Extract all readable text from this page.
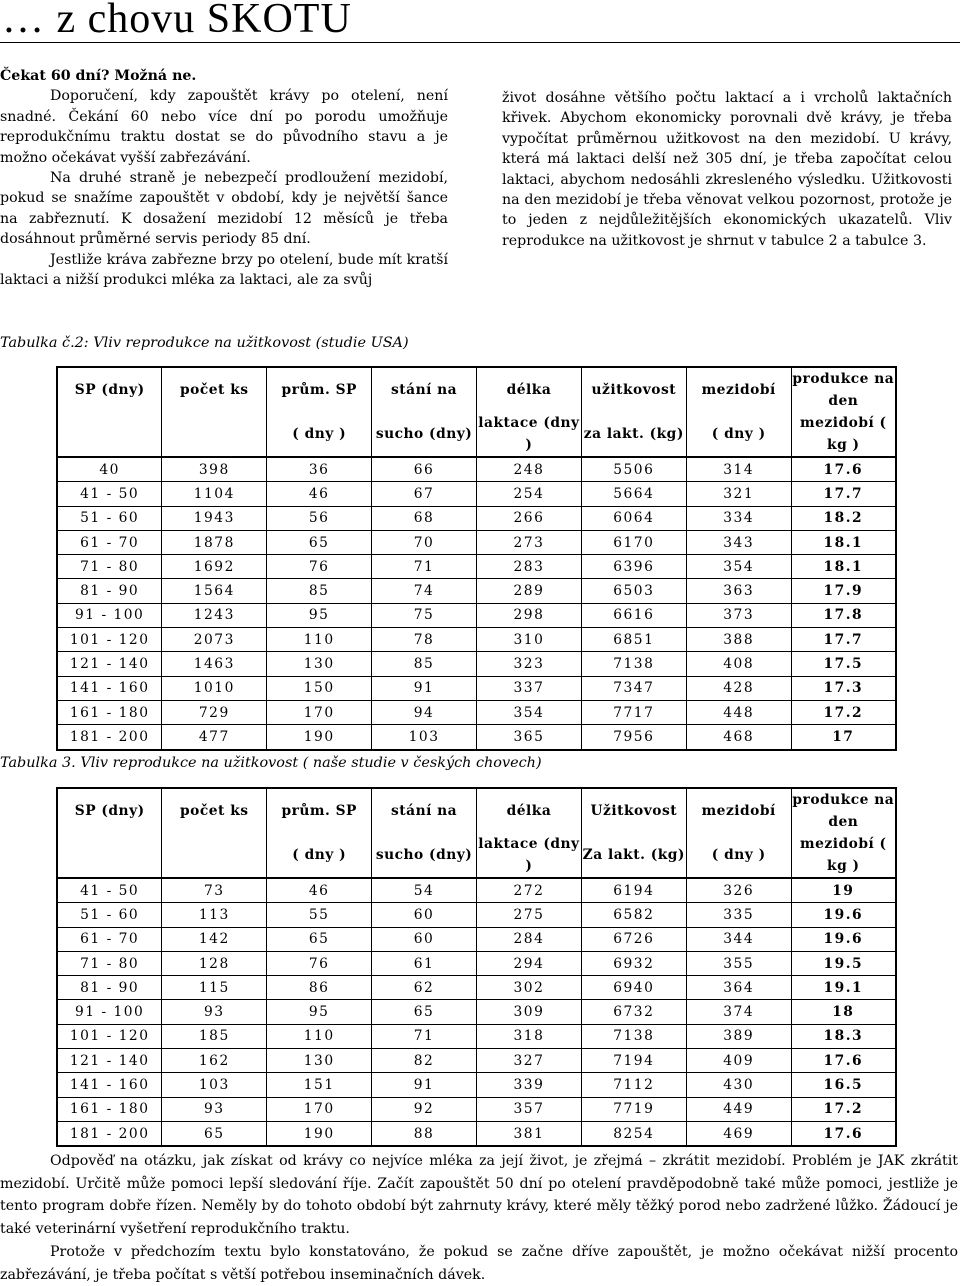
… z chovu SKOTU

Čekat 60 dní? Možná ne.

Doporučení, kdy zapouštět krávy po otelení, není snadné. Čekání 60 nebo více dní po porodu umožňuje reprodukčnímu traktu dostat se do původního stavu a je možno očekávat vyšší zabřezávání.

Na druhé straně je nebezpečí prodloužení mezidobí, pokud se snažíme zapouštět v období, kdy je největší šance na zabřeznutí. K dosažení mezidobí 12 měsíců je třeba dosáhnout průměrné servis periody 85 dní.

Jestliže kráva zabřezne brzy po otelení, bude mít kratší laktaci a nižší produkci mléka za laktaci, ale za svůj

život dosáhne většího počtu laktací a i vrcholů laktačních křivek. Abychom ekonomicky porovnali dvě krávy, je třeba vypočítat průměrnou užitkovost na den mezidobí. U krávy, která má laktaci delší než 305 dní, je třeba započítat celou laktaci, abychom nedosáhli zkresleného výsledku. Užitkovosti na den mezidobí je třeba věnovat velkou pozornost, protože je to jeden z nejdůležitějších ekonomických ukazatelů. Vliv reprodukce na užitkovost je shrnut v tabulce 2 a tabulce 3.

Tabulka č.2: Vliv reprodukce na užitkovost (studie USA)

SP (dny)	počet ks	prům. SP	stání na	délka	užitkovost	mezidobí	produkce na den
		( dny )	sucho (dny)	laktace (dny )	za lakt. (kg)	( dny )	mezidobí ( kg )
40	398	36	66	248	5506	314	17.6
41 - 50	1104	46	67	254	5664	321	17.7
51 - 60	1943	56	68	266	6064	334	18.2
61 - 70	1878	65	70	273	6170	343	18.1
71 - 80	1692	76	71	283	6396	354	18.1
81 - 90	1564	85	74	289	6503	363	17.9
91 - 100	1243	95	75	298	6616	373	17.8
101 - 120	2073	110	78	310	6851	388	17.7
121 - 140	1463	130	85	323	7138	408	17.5
141 - 160	1010	150	91	337	7347	428	17.3
161 - 180	729	170	94	354	7717	448	17.2
181 - 200	477	190	103	365	7956	468	17

Tabulka 3. Vliv reprodukce na užitkovost ( naše studie v českých chovech)

SP (dny)	počet ks	prům. SP	stání na	délka	Užitkovost	mezidobí	produkce na den
		( dny )	sucho (dny)	laktace (dny )	Za lakt. (kg)	( dny )	mezidobí ( kg )
41 - 50	73	46	54	272	6194	326	19
51 - 60	113	55	60	275	6582	335	19.6
61 - 70	142	65	60	284	6726	344	19.6
71 - 80	128	76	61	294	6932	355	19.5
81 - 90	115	86	62	302	6940	364	19.1
91 - 100	93	95	65	309	6732	374	18
101 - 120	185	110	71	318	7138	389	18.3
121 - 140	162	130	82	327	7194	409	17.6
141 - 160	103	151	91	339	7112	430	16.5
161 - 180	93	170	92	357	7719	449	17.2
181 - 200	65	190	88	381	8254	469	17.6

Odpověď na otázku, jak získat od krávy co nejvíce mléka za její život, je zřejmá – zkrátit mezidobí. Problém je JAK zkrátit mezidobí. Určitě může pomoci lepší sledování říje. Začít zapouštět 50 dní po otelení pravděpodobně také může pomoci, jestliže je tento program dobře řízen. Neměly by do tohoto období být zahrnuty krávy, které měly těžký porod nebo zadržené lůžko. Žádoucí je také veterinární vyšetření reprodukčního traktu.

Protože v předchozím textu bylo konstatováno, že pokud se začne dříve zapouštět, je možno očekávat nižší procento zabřezávání, je třeba počítat s větší potřebou inseminačních dávek.
